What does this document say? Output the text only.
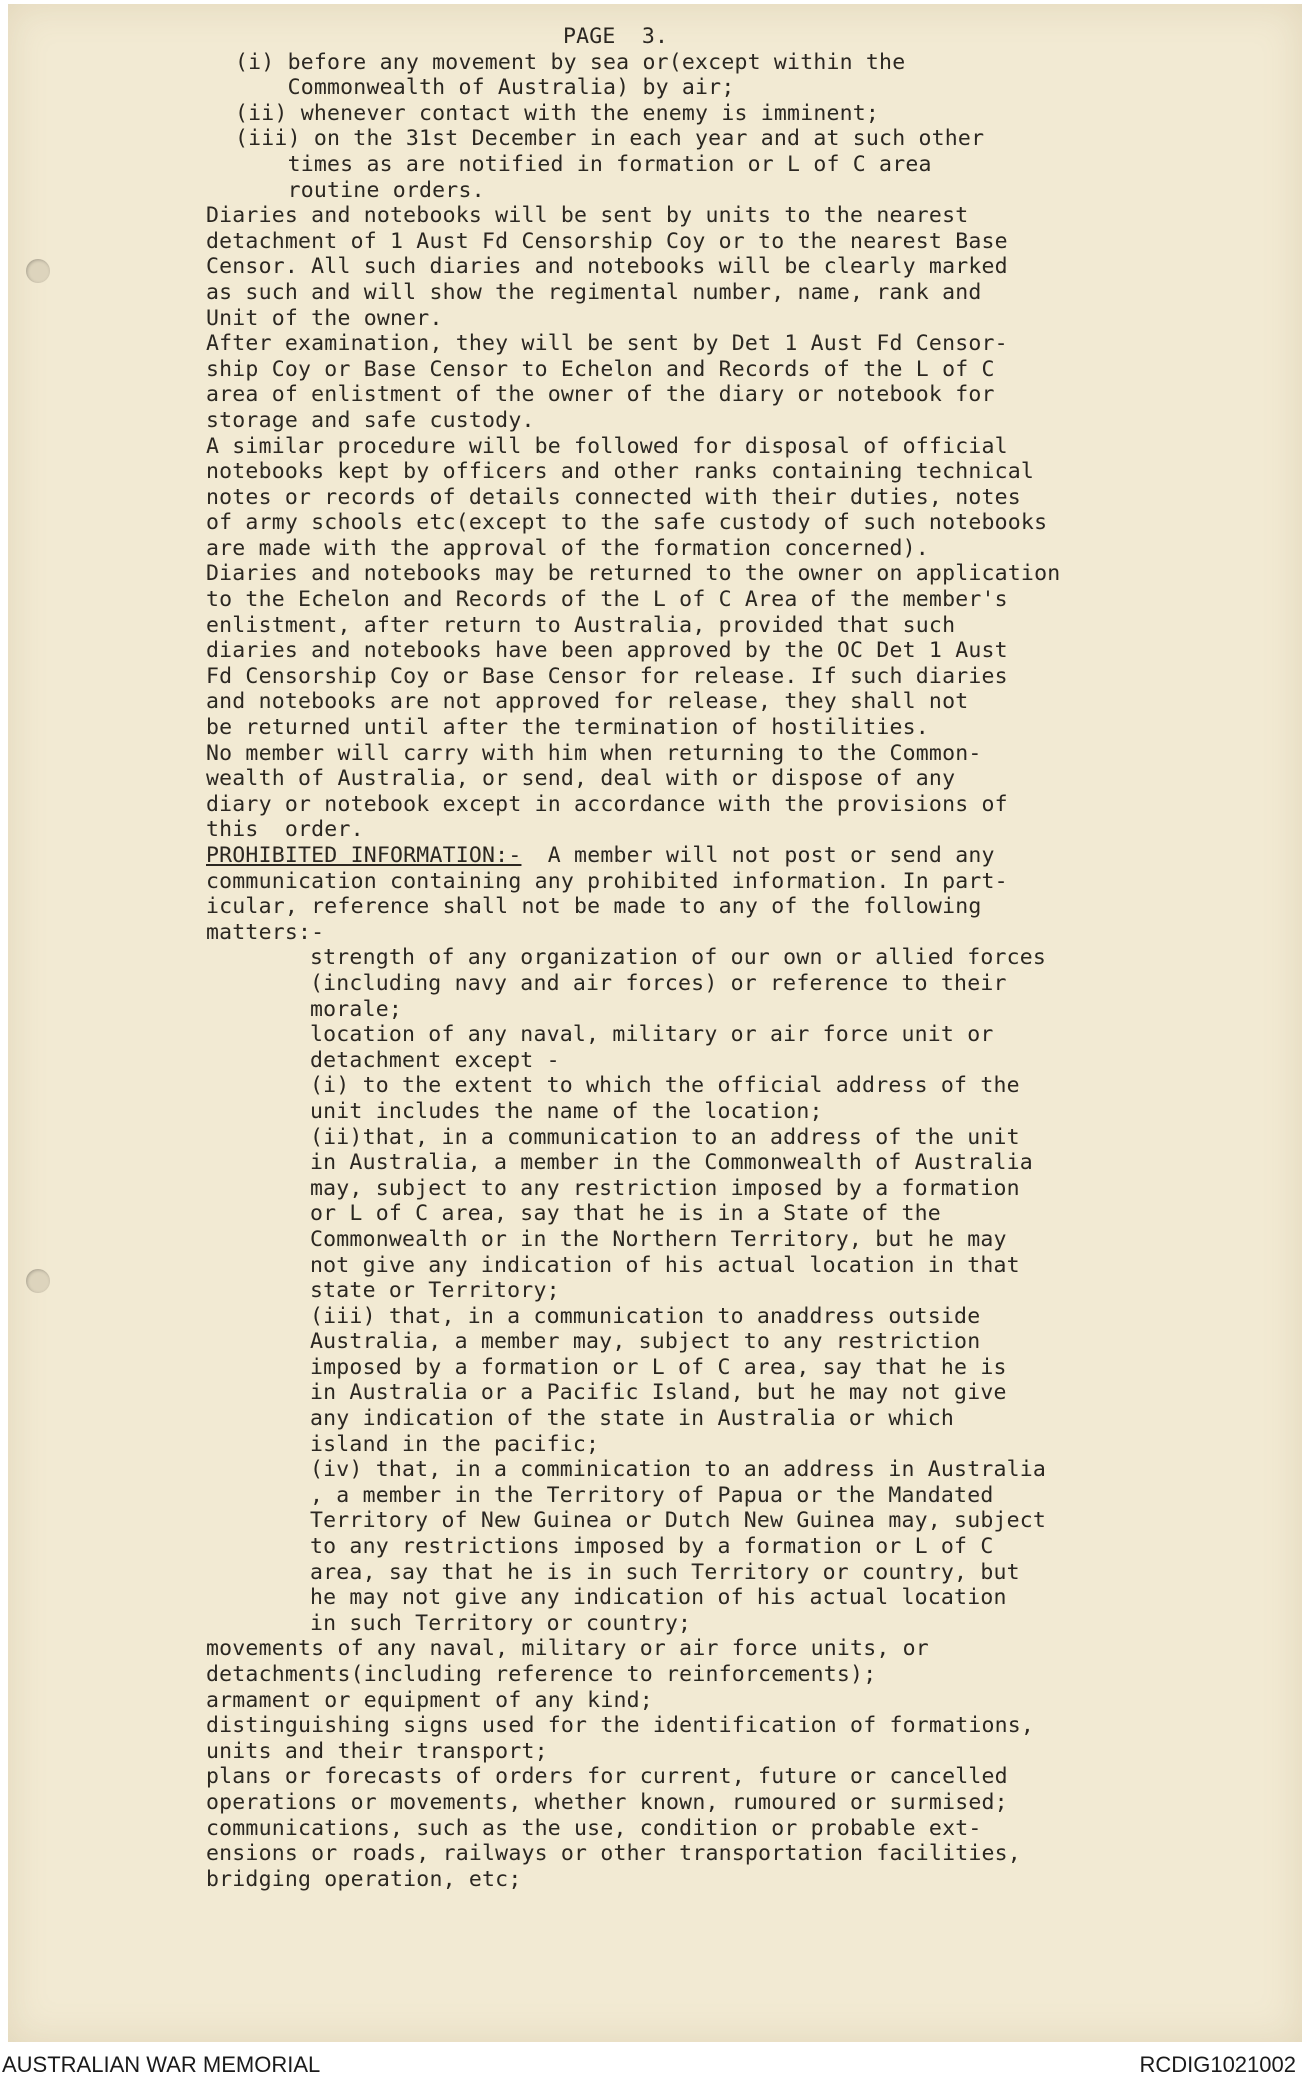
PAGE  3.
(i) before any movement by sea or(except within the
Commonwealth of Australia) by air;
(ii) whenever contact with the enemy is imminent;
(iii) on the 31st December in each year and at such other
times as are notified in formation or L of C area
routine orders.
Diaries and notebooks will be sent by units to the nearest
detachment of 1 Aust Fd Censorship Coy or to the nearest Base
Censor. All such diaries and notebooks will be clearly marked
as such and will show the regimental number, name, rank and
Unit of the owner.
After examination, they will be sent by Det 1 Aust Fd Censor-
ship Coy or Base Censor to Echelon and Records of the L of C
area of enlistment of the owner of the diary or notebook for
storage and safe custody.
A similar procedure will be followed for disposal of official
notebooks kept by officers and other ranks containing technical
notes or records of details connected with their duties, notes
of army schools etc(except to the safe custody of such notebooks
are made with the approval of the formation concerned).
Diaries and notebooks may be returned to the owner on application
to the Echelon and Records of the L of C Area of the member's
enlistment, after return to Australia, provided that such
diaries and notebooks have been approved by the OC Det 1 Aust
Fd Censorship Coy or Base Censor for release. If such diaries
and notebooks are not approved for release, they shall not
be returned until after the termination of hostilities.
No member will carry with him when returning to the Common-
wealth of Australia, or send, deal with or dispose of any
diary or notebook except in accordance with the provisions of
this  order.
PROHIBITED INFORMATION:-  A member will not post or send any
communication containing any prohibited information. In part-
icular, reference shall not be made to any of the following
matters:-
strength of any organization of our own or allied forces
(including navy and air forces) or reference to their
morale;
location of any naval, military or air force unit or
detachment except -
(i) to the extent to which the official address of the
unit includes the name of the location;
(ii)that, in a communication to an address of the unit
in Australia, a member in the Commonwealth of Australia
may, subject to any restriction imposed by a formation
or L of C area, say that he is in a State of the
Commonwealth or in the Northern Territory, but he may
not give any indication of his actual location in that
state or Territory;
(iii) that, in a communication to anaddress outside
Australia, a member may, subject to any restriction
imposed by a formation or L of C area, say that he is
in Australia or a Pacific Island, but he may not give
any indication of the state in Australia or which
island in the pacific;
(iv) that, in a comminication to an address in Australia
, a member in the Territory of Papua or the Mandated
Territory of New Guinea or Dutch New Guinea may, subject
to any restrictions imposed by a formation or L of C
area, say that he is in such Territory or country, but
he may not give any indication of his actual location
in such Territory or country;
movements of any naval, military or air force units, or
detachments(including reference to reinforcements);
armament or equipment of any kind;
distinguishing signs used for the identification of formations,
units and their transport;
plans or forecasts of orders for current, future or cancelled
operations or movements, whether known, rumoured or surmised;
communications, such as the use, condition or probable ext-
ensions or roads, railways or other transportation facilities,
bridging operation, etc;
AUSTRALIAN WAR MEMORIAL	RCDIG1021002
